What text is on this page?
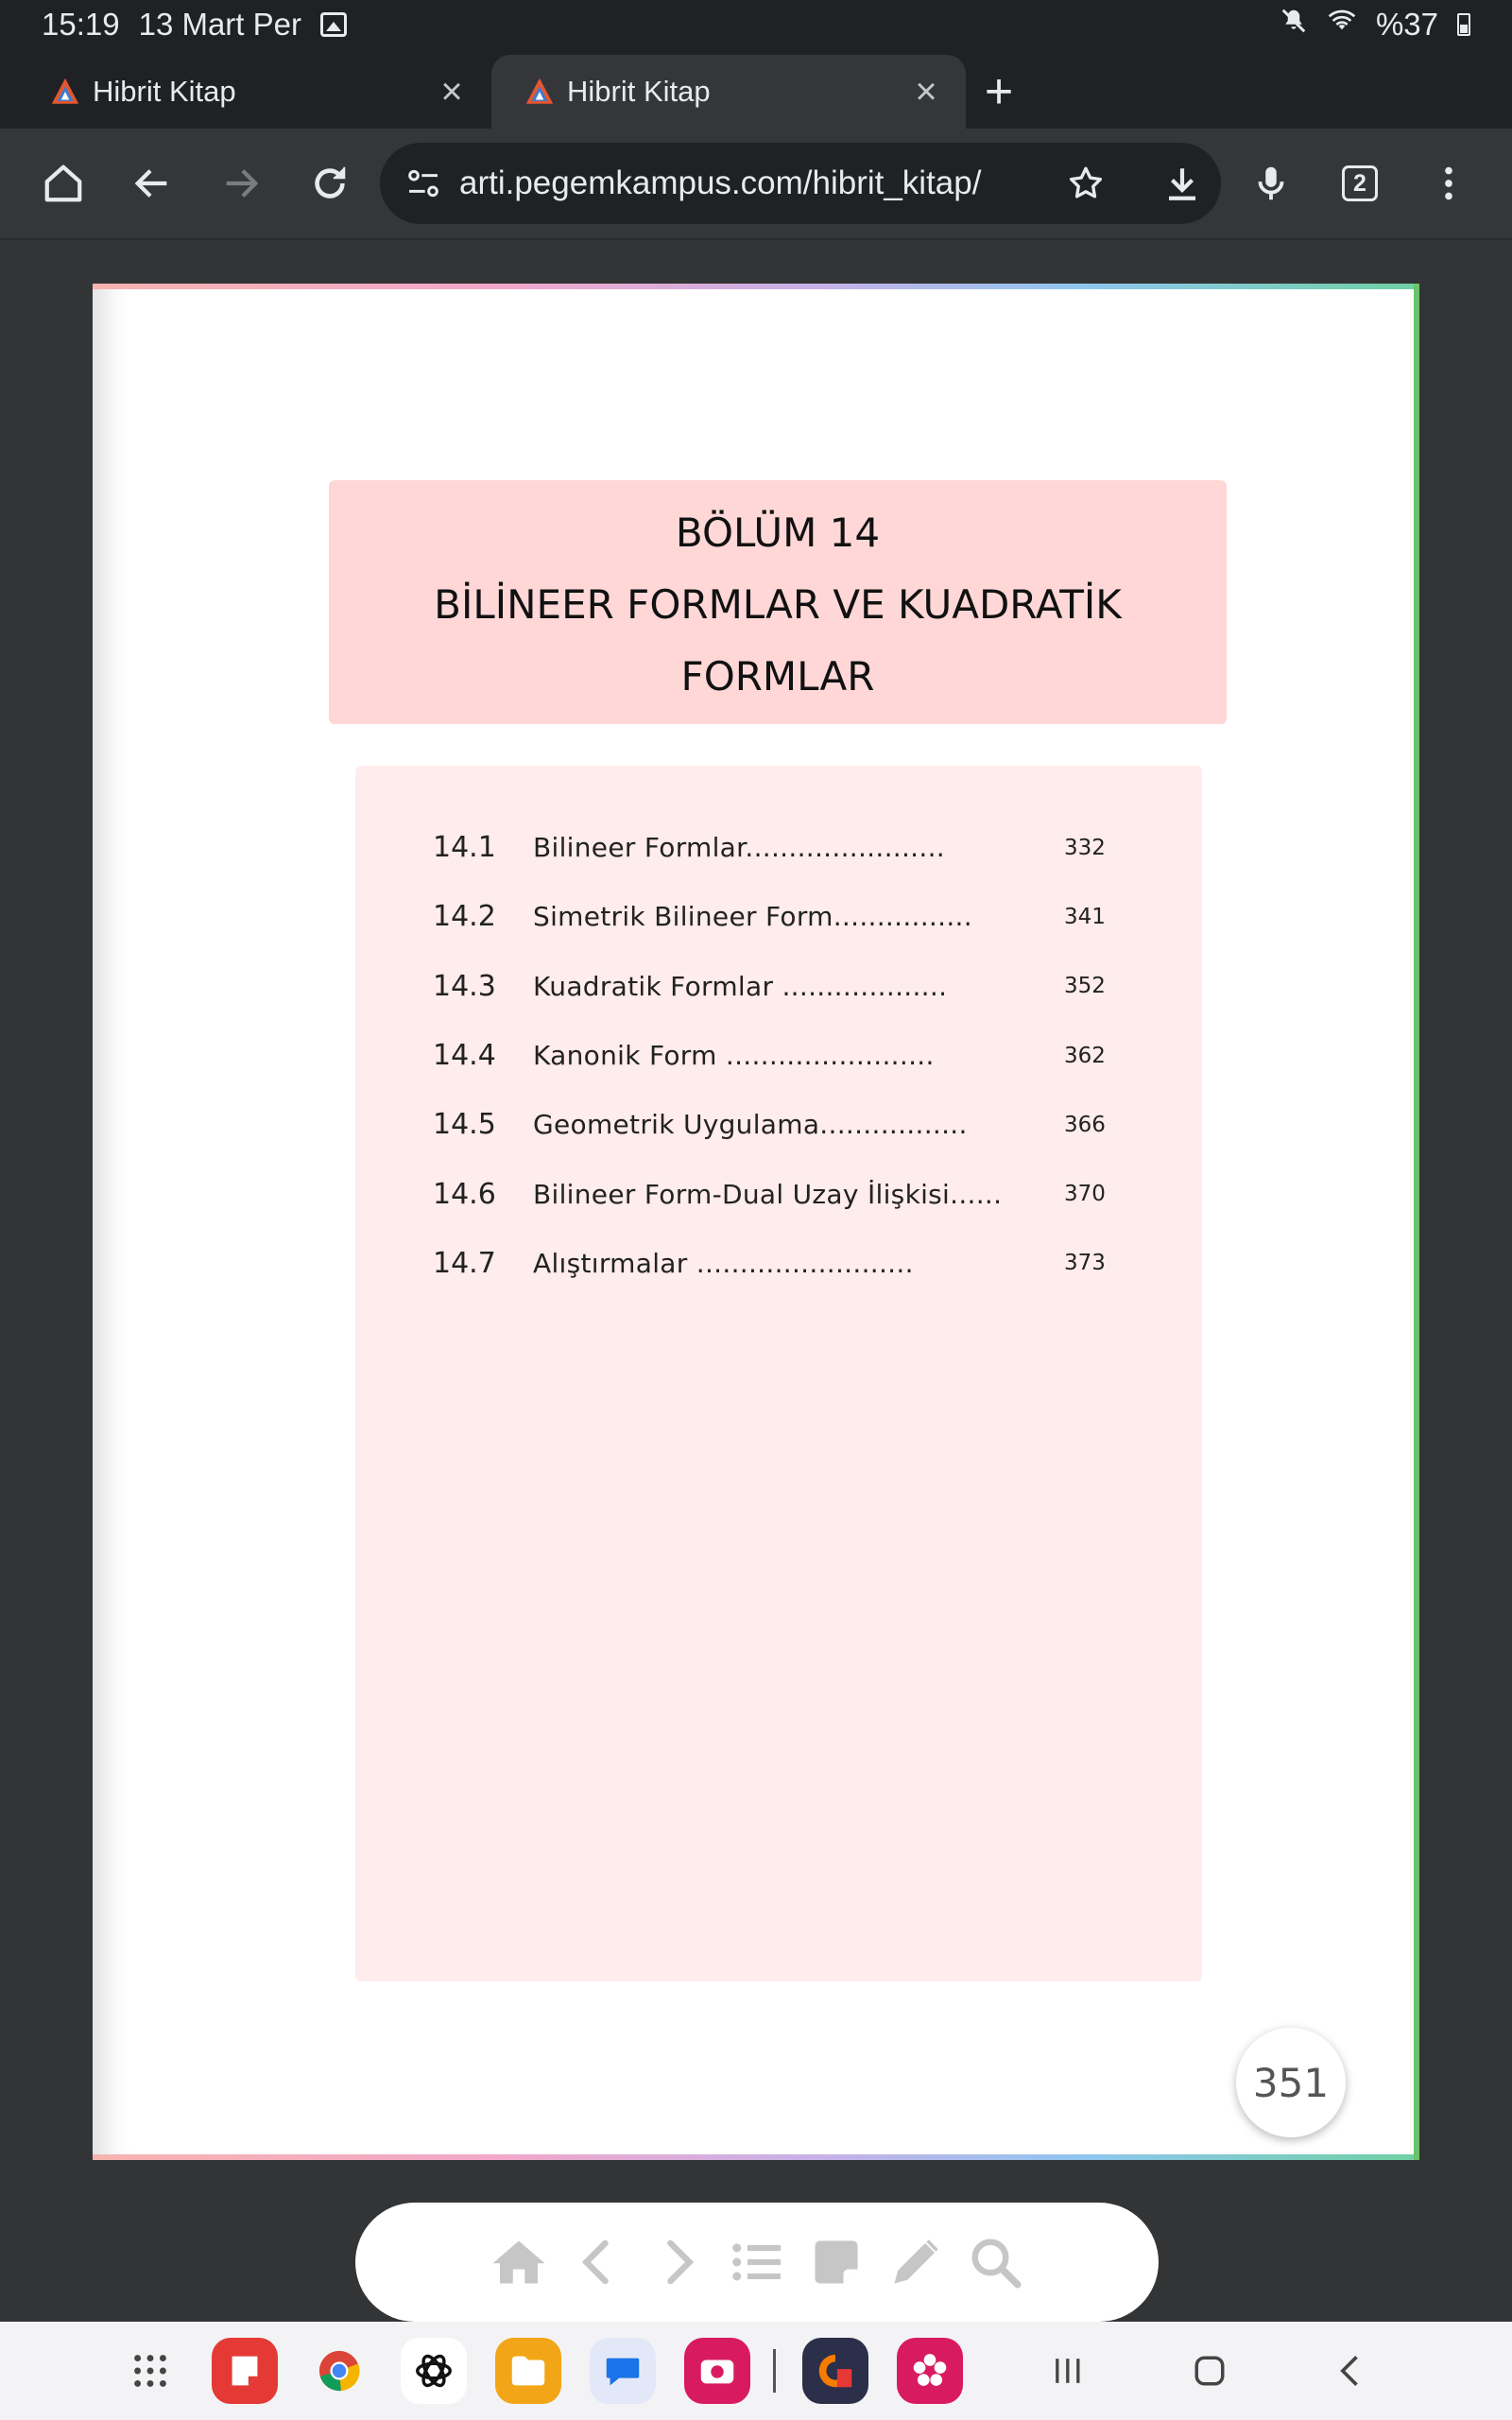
15:19 13 Mart Per	%37
Hibrit Kitap	×	Hibrit Kitap	× +
arti.pegemkampus.com/hibrit_kitap/	2
BÖLÜM 14
BİLİNEER FORMLAR VE KUADRATİK
FORMLAR
14.1	Bilineer Formlar.......................	332
14.2	Simetrik Bilineer Form................	341
14.3	Kuadratik Formlar ...................	352
14.4	Kanonik Form ........................	362
14.5	Geometrik Uygulama.................	366
14.6	Bilineer Form-Dual Uzay İlişkisi......	370
14.7	Alıştırmalar .........................	373
351
